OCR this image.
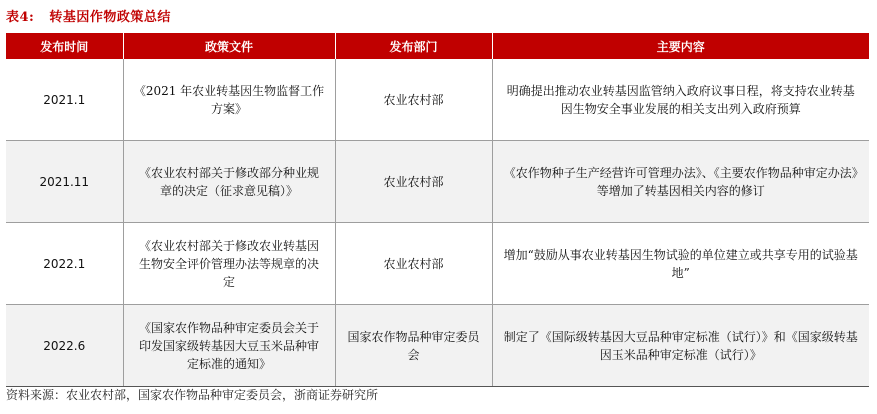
表4: 转基因作物政策总结
发布时间	政策文件	发布部门	主要内容
2021.1	《2021 年农业转基因生物监督工作方案》	农业农村部	明确提出推动农业转基因监管纳入政府议事日程，将支持农业转基因生物安全事业发展的相关支出列入政府预算
2021.11	《农业农村部关于修改部分种业规章的决定（征求意见稿）》	农业农村部	《农作物种子生产经营许可管理办法》、《主要农作物品种审定办法》等增加了转基因相关内容的修订
2022.1	《农业农村部关于修改农业转基因生物安全评价管理办法等规章的决定	农业农村部	增加“鼓励从事农业转基因生物试验的单位建立或共享专用的试验基地”
2022.6	《国家农作物品种审定委员会关于印发国家级转基因大豆玉米品种审定标准的通知》	国家农作物品种审定委员会	制定了《国际级转基因大豆品种审定标准（试行）》和《国家级转基因玉米品种审定标准（试行）》
资料来源：农业农村部，国家农作物品种审定委员会，浙商证券研究所
